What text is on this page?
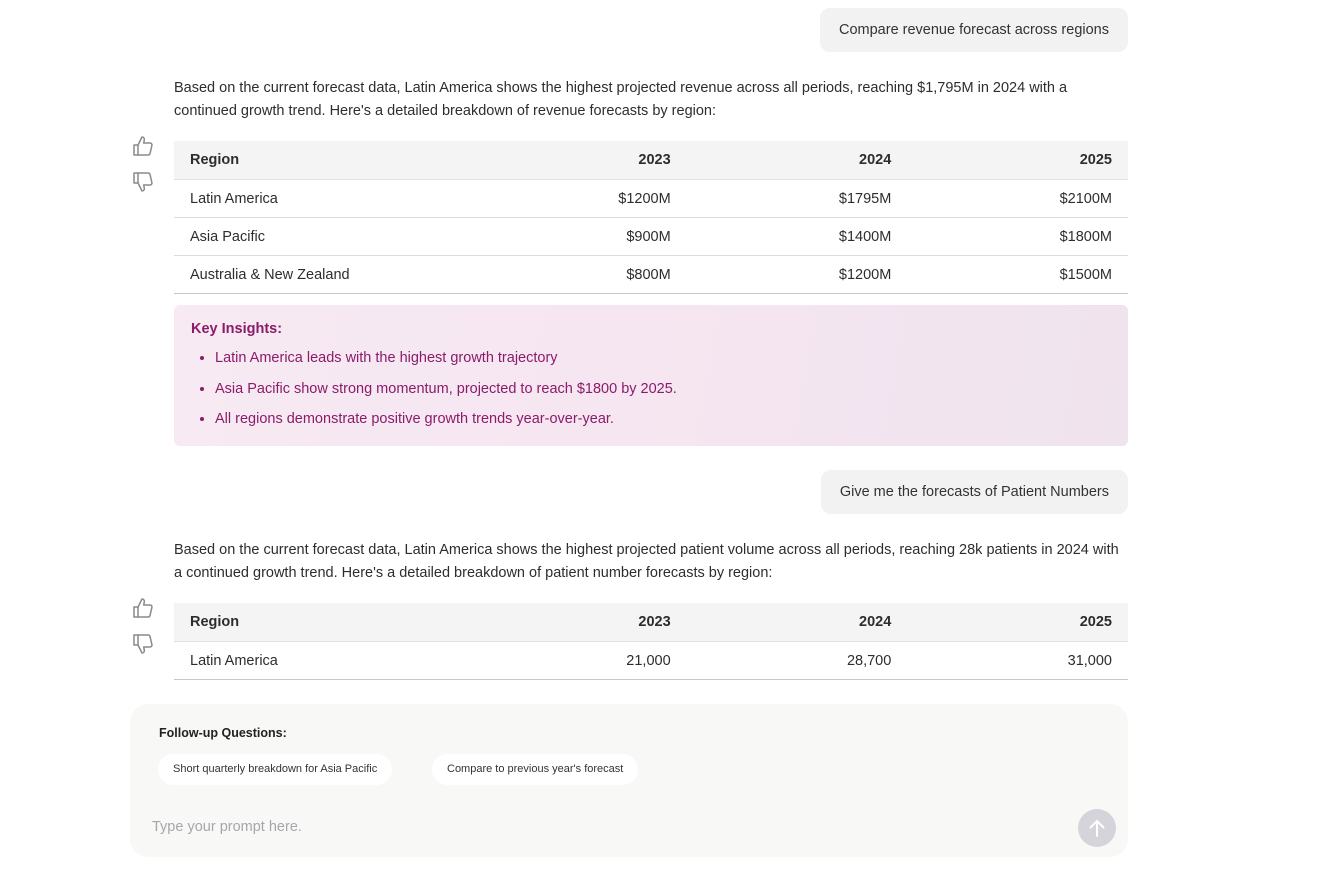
Compare revenue forecast across regions
Based on the current forecast data, Latin America shows the highest projected revenue across all periods, reaching $1,795M in 2024 with a continued growth trend. Here's a detailed breakdown of revenue forecasts by region:
Region	2023	2024	2025
Latin America	$1200M	$1795M	$2100M
Asia Pacific	$900M	$1400M	$1800M
Australia & New Zealand	$800M	$1200M	$1500M
Key Insights:
• Latin America leads with the highest growth trajectory
• Asia Pacific show strong momentum, projected to reach $1800 by 2025.
• All regions demonstrate positive growth trends year-over-year.
Give me the forecasts of Patient Numbers
Based on the current forecast data, Latin America shows the highest projected patient volume across all periods, reaching 28k patients in 2024 with a continued growth trend. Here's a detailed breakdown of patient number forecasts by region:
Region	2023	2024	2025
Latin America	21,000	28,700	31,000
Follow-up Questions:
Short quarterly breakdown for Asia Pacific	Compare to previous year's forecast
Type your prompt here.
